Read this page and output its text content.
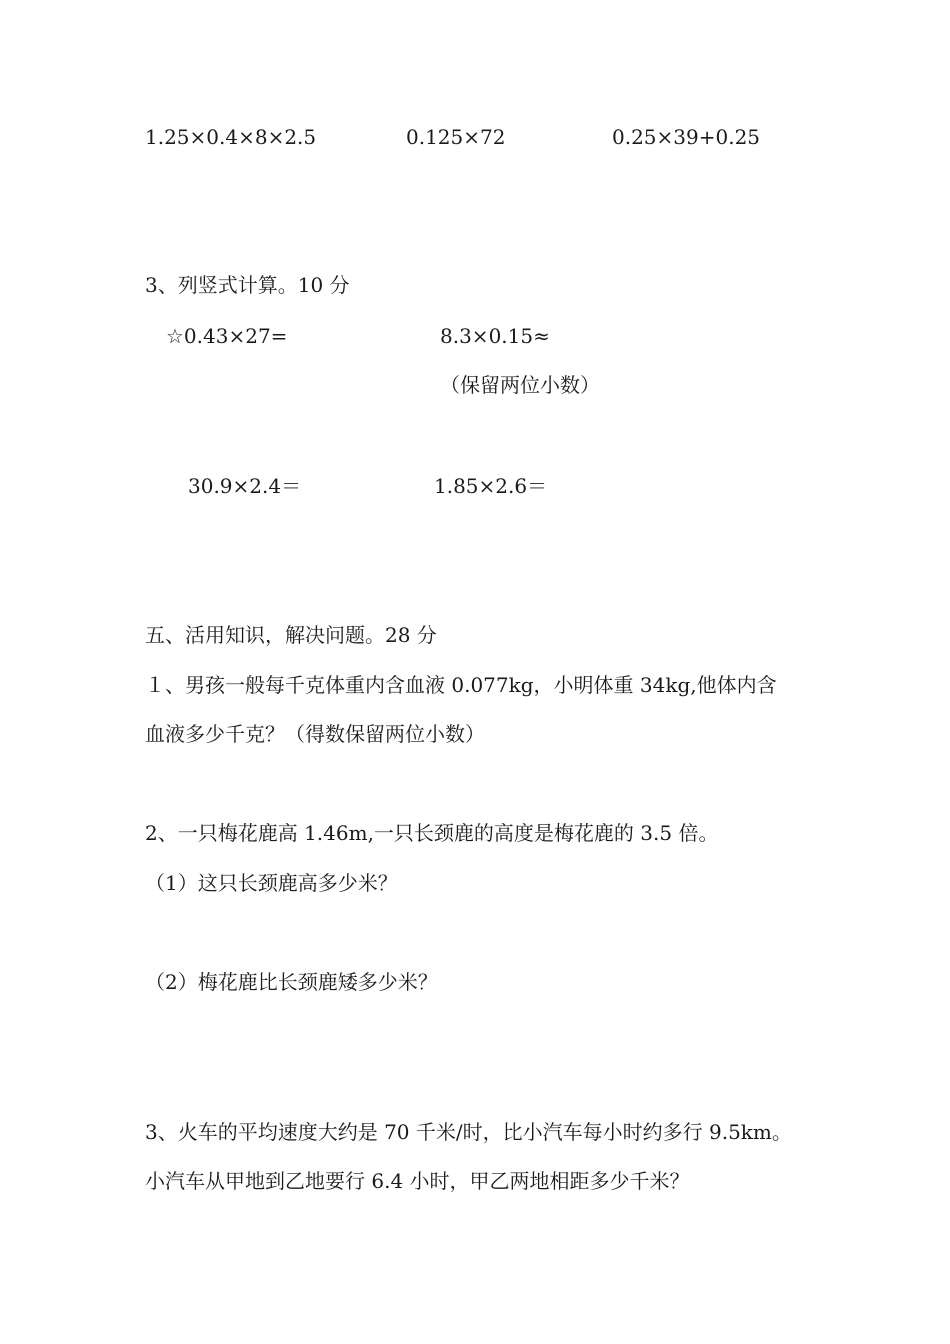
1.25×0.4×8×2.5	0.125×72	0.25×39+0.25
3、列竖式计算。10 分
☆0.43×27=	8.3×0.15≈
（保留两位小数）
30.9×2.4＝	1.85×2.6＝
五、活用知识，解决问题。28 分
１、男孩一般每千克体重内含血液 0.077kg，小明体重 34kg,他体内含
血液多少千克？（得数保留两位小数）
2、一只梅花鹿高 1.46m,一只长颈鹿的高度是梅花鹿的 3.5 倍。
（1）这只长颈鹿高多少米？
（2）梅花鹿比长颈鹿矮多少米？
3、火车的平均速度大约是 70 千米/时，比小汽车每小时约多行 9.5km。
小汽车从甲地到乙地要行 6.4 小时，甲乙两地相距多少千米？
